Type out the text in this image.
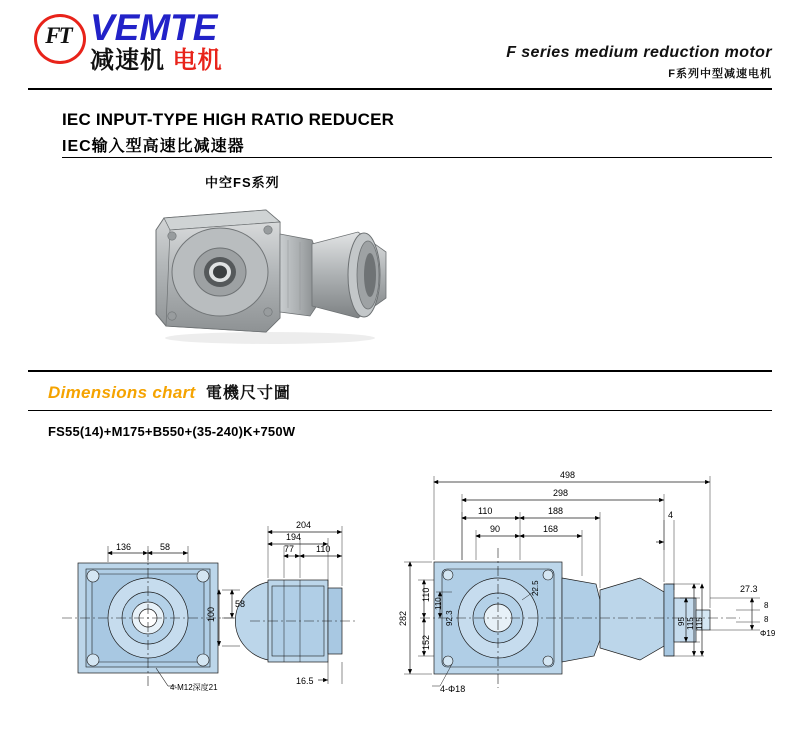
FT VEMTE
减速机 电机	F series medium reduction motor
F系列中型减速电机
IEC INPUT-TYPE HIGH RATIO REDUCER
IEC输入型高速比减速器
中空FS系列
Dimensions chart 電機尺寸圖
FS55(14)+M175+B550+(35-240)K+750W
136	58
58
100
4-M12深度21
204
194
77 110
16.5
498
298
110	188
90	168
110
4
282
152
110
92.3
22.5
95 115 115
27.3
8
8
Φ19
4-Φ18
